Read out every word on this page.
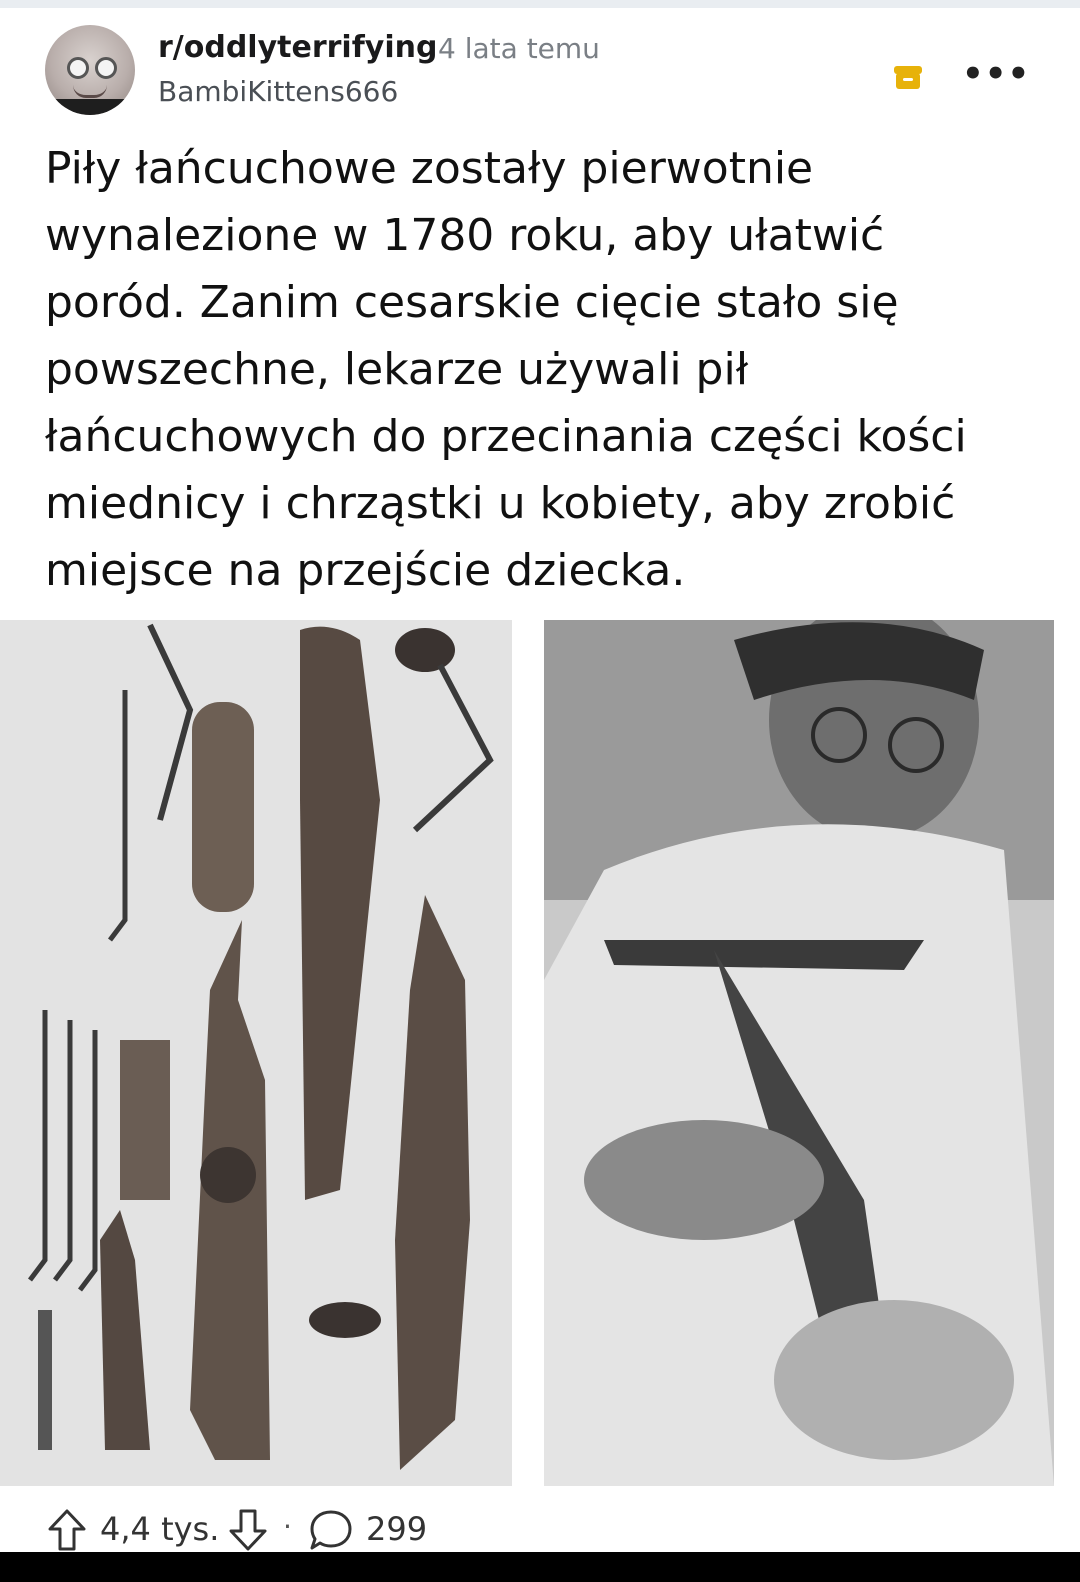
r/oddlyterrifying 4 lata temu
BambiKittens666	•••
Piły łańcuchowe zostały pierwotnie wynalezione w 1780 roku, aby ułatwić poród. Zanim cesarskie cięcie stało się powszechne, lekarze używali pił łańcuchowych do przecinania części kości miednicy i chrząstki u kobiety, aby zrobić miejsce na przejście dziecka.
4,4 tys. · 299
